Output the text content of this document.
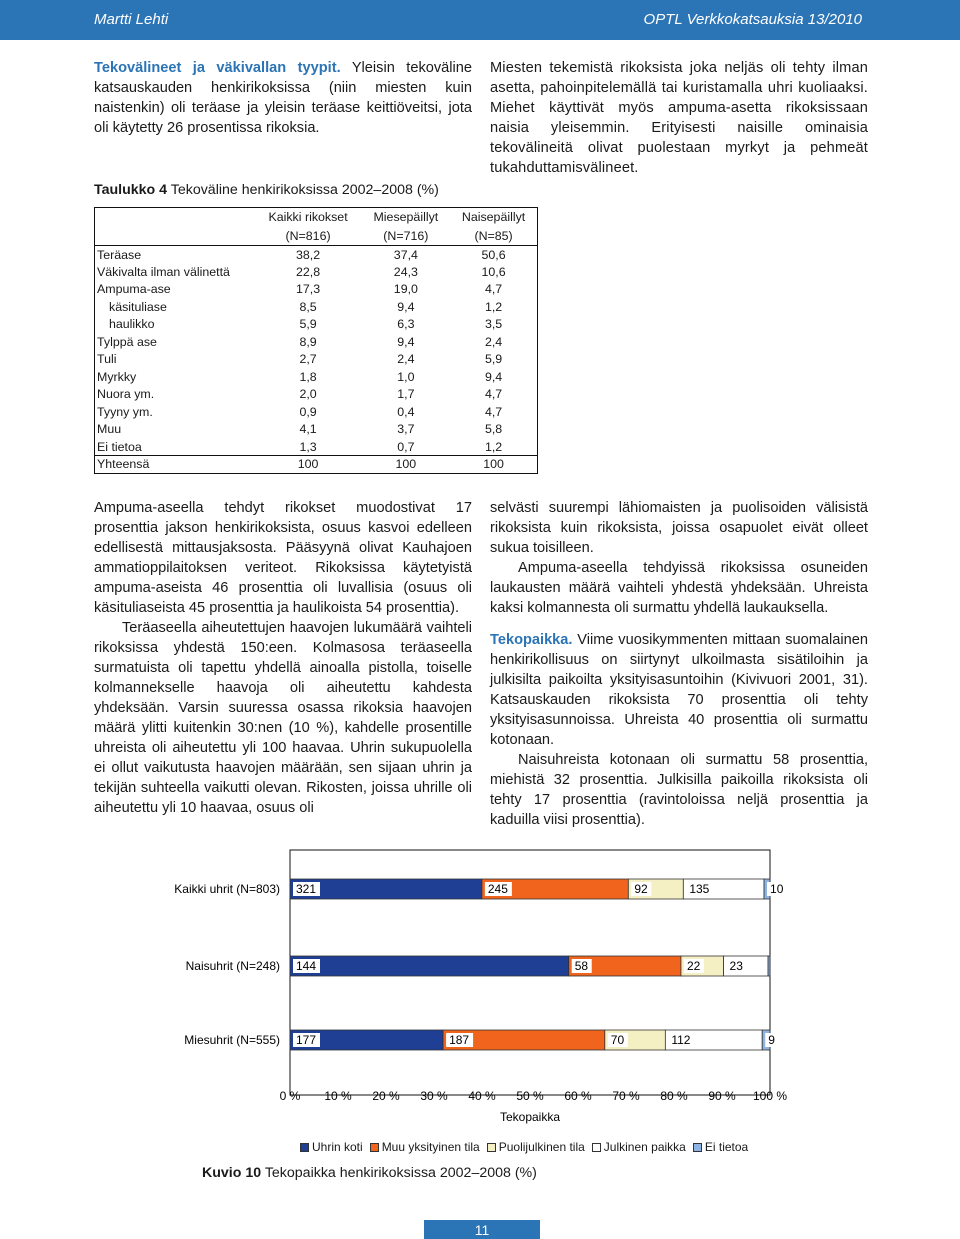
Martti Lehti	OPTL Verkkokatsauksia 13/2010

Tekovälineet ja väkivallan tyypit. Yleisin tekoväline katsauskauden henkirikoksissa (niin miesten kuin naistenkin) oli teräase ja yleisin teräase keittiöveitsi, jota oli käytetty 26 prosentissa rikoksia.

Miesten tekemistä rikoksista joka neljäs oli tehty ilman asetta, pahoinpitelemällä tai kuristamalla uhri kuoliaaksi. Miehet käyttivät myös ampuma-asetta rikoksissaan naisia yleisemmin. Erityisesti naisille ominaisia tekovälineitä olivat puolestaan myrkyt ja pehmeät tukahduttamisvälineet.

Taulukko 4 Tekoväline henkirikoksissa 2002–2008 (%)
	Kaikki rikokset	Miesepäillyt	Naisepäillyt
	(N=816)	(N=716)	(N=85)
Teräase	38,2	37,4	50,6
Väkivalta ilman välinettä	22,8	24,3	10,6
Ampuma-ase	17,3	19,0	4,7
käsituliase	8,5	9,4	1,2
haulikko	5,9	6,3	3,5
Tylppä ase	8,9	9,4	2,4
Tuli	2,7	2,4	5,9
Myrkky	1,8	1,0	9,4
Nuora ym.	2,0	1,7	4,7
Tyyny ym.	0,9	0,4	4,7
Muu	4,1	3,7	5,8
Ei tietoa	1,3	0,7	1,2
Yhteensä	100	100	100

Ampuma-aseella tehdyt rikokset muodostivat 17 prosenttia jakson henkirikoksista, osuus kasvoi edelleen edellisestä mittausjaksosta. Pääsyynä olivat Kauhajoen ammatioppilaitoksen veriteot. Rikoksissa käytetyistä ampuma-aseista 46 prosenttia oli luvallisia (osuus oli käsituliaseista 45 prosenttia ja haulikoista 54 prosenttia).

Teräaseella aiheutettujen haavojen lukumäärä vaihteli rikoksissa yhdestä 150:een. Kolmasosa teräaseella surmatuista oli tapettu yhdellä ainoalla pistolla, toiselle kolmannekselle haavoja oli aiheutettu kahdesta yhdeksään. Varsin suuressa osassa rikoksia haavojen määrä ylitti kuitenkin 30:nen (10 %), kahdelle prosentille uhreista oli aiheutettu yli 100 haavaa. Uhrin sukupuolella ei ollut vaikutusta haavojen määrään, sen sijaan uhrin ja tekijän suhteella vaikutti olevan. Rikosten, joissa uhrille oli aiheutettu yli 10 haavaa, osuus oli

selvästi suurempi lähiomaisten ja puolisoiden välisistä rikoksista kuin rikoksista, joissa osapuolet eivät olleet sukua toisilleen.

Ampuma-aseella tehdyissä rikoksissa osuneiden laukausten määrä vaihteli yhdestä yhdeksään. Uhreista kaksi kolmannesta oli surmattu yhdellä laukauksella.

Tekopaikka. Viime vuosikymmenten mittaan suomalainen henkirikollisuus on siirtynyt ulkoilmasta sisätiloihin ja julkisilta paikoilta yksityisasuntoihin (Kivivuori 2001, 31). Katsauskauden rikoksista 70 prosenttia oli tehty yksityisasunnoissa. Uhreista 40 prosenttia oli surmattu kotonaan.

Naisuhreista kotonaan oli surmattu 58 prosenttia, miehistä 32 prosenttia. Julkisilla paikoilla rikoksista oli tehty 17 prosenttia (ravintoloissa neljä prosenttia ja kaduilla viisi prosenttia).

Kaikki uhrit (N=803) 321	245	92	135	10
Naisuhrit (N=248) 144	58	22 23
Miesuhrit (N=555) 177	187	70	112	9
0 % 10 % 20 % 30 % 40 % 50 % 60 % 70 % 80 % 90 % 100 %
Tekopaikka
Uhrin koti Muu yksityinen tila Puolijulkinen tila Julkinen paikka Ei tietoa
Kuvio 10 Tekopaikka henkirikoksissa 2002–2008 (%)
11
